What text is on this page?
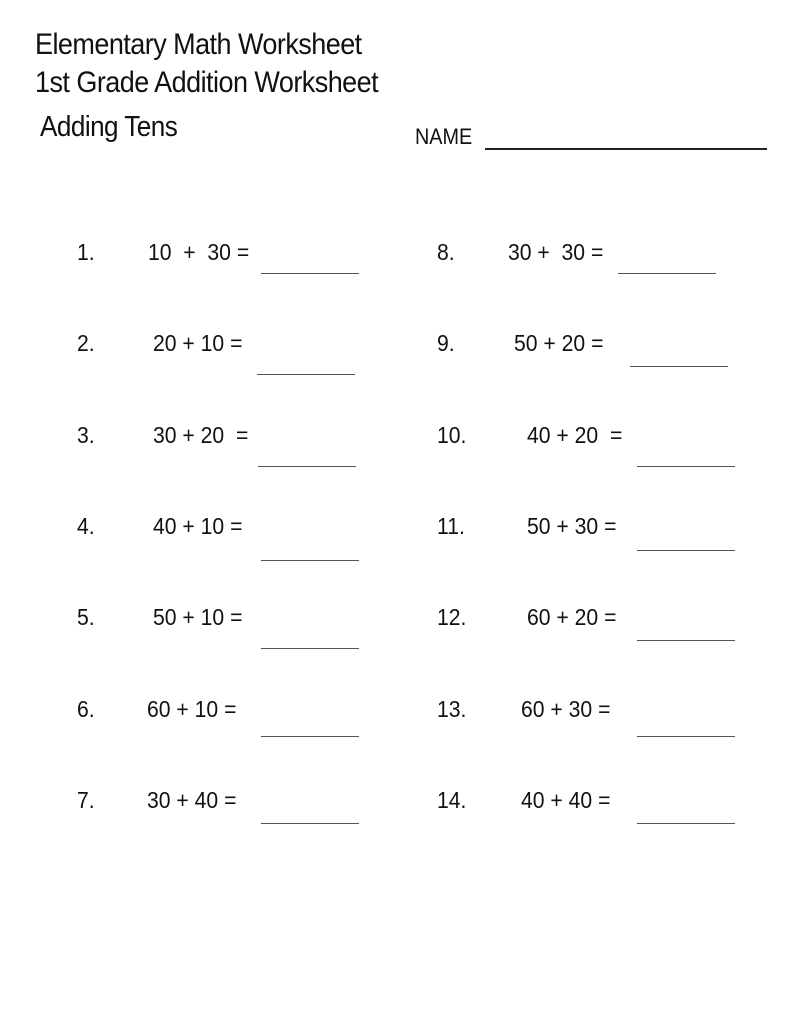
Elementary Math Worksheet
1st Grade Addition Worksheet
Adding Tens	NAME
1. 10  +  30 =
2.	20 + 10 =
3.	30 + 20  =
4.	40 + 10 =
5.	50 + 10 =
6. 60 + 10 =
7. 30 + 40 =
8. 30 +  30 =
9.	50 + 20 =
10.	40 + 20  =
11.	50 + 30 =
12.	60 + 20 =
13. 60 + 30 =
14. 40 + 40 =
